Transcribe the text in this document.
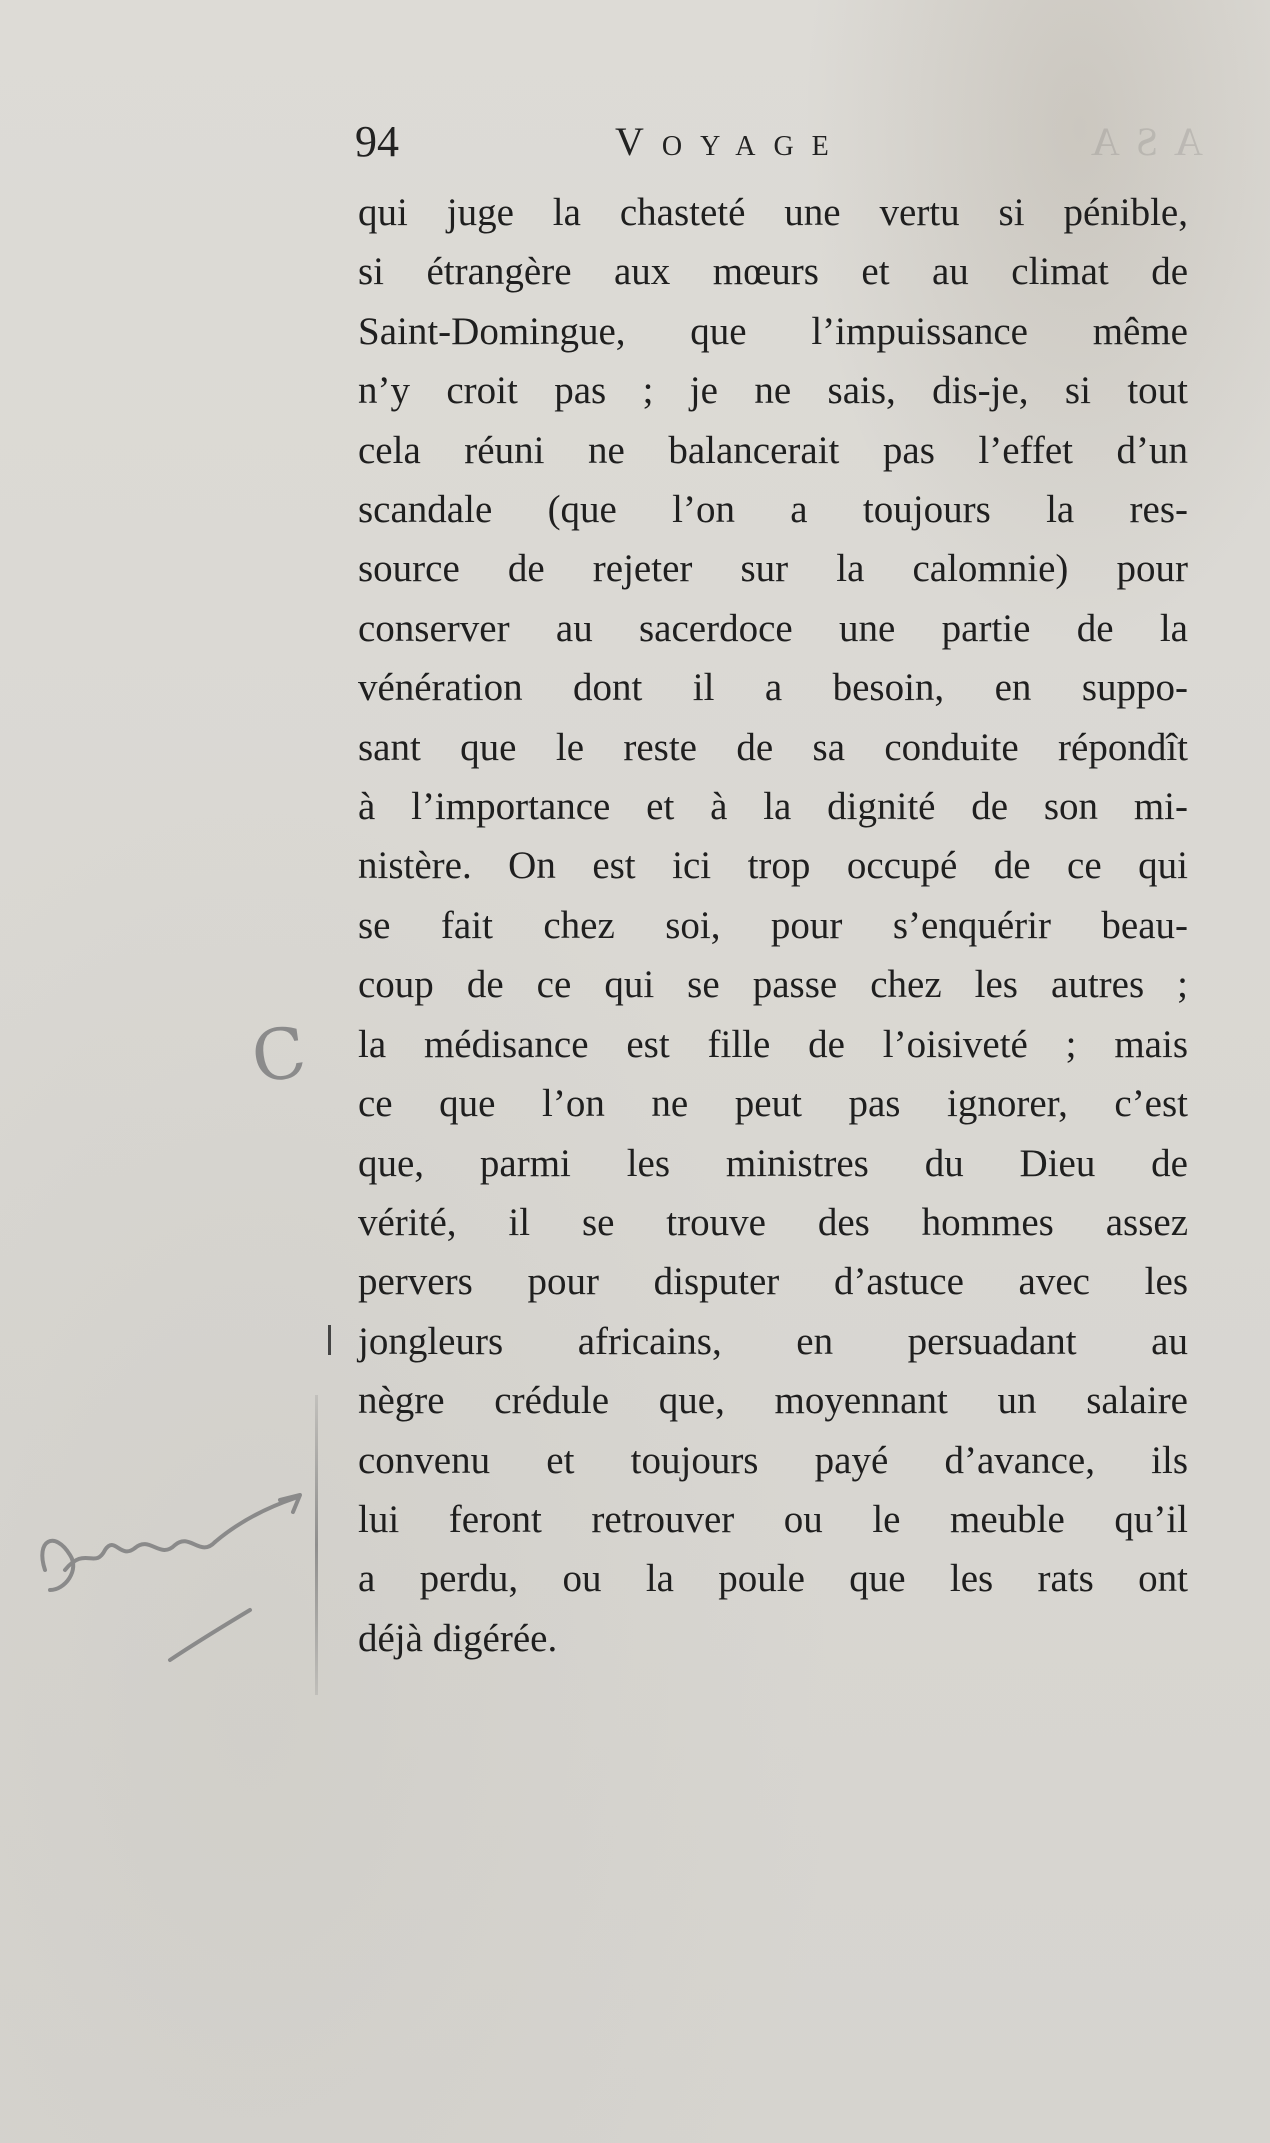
94	Voyage	ASA
qui juge la chasteté une vertu si pénible,
si étrangère aux mœurs et au climat de
Saint-Domingue, que l’impuissance même
n’y croit pas ; je ne sais, dis-je, si tout
cela réuni ne balancerait pas l’effet d’un
scandale (que l’on a toujours la res-
source de rejeter sur la calomnie) pour
conserver au sacerdoce une partie de la
vénération dont il a besoin, en suppo-
sant que le reste de sa conduite répondît
à l’importance et à la dignité de son mi-
nistère. On est ici trop occupé de ce qui
se fait chez soi, pour s’enquérir beau-
coup de ce qui se passe chez les autres ;
la médisance est fille de l’oisiveté ; mais
ce que l’on ne peut pas ignorer, c’est
que, parmi les ministres du Dieu de
vérité, il se trouve des hommes assez
pervers pour disputer d’astuce avec les
jongleurs africains, en persuadant au
nègre crédule que, moyennant un salaire
convenu et toujours payé d’avance, ils
lui feront retrouver ou le meuble qu’il
a perdu, ou la poule que les rats ont
déjà digérée.
C
